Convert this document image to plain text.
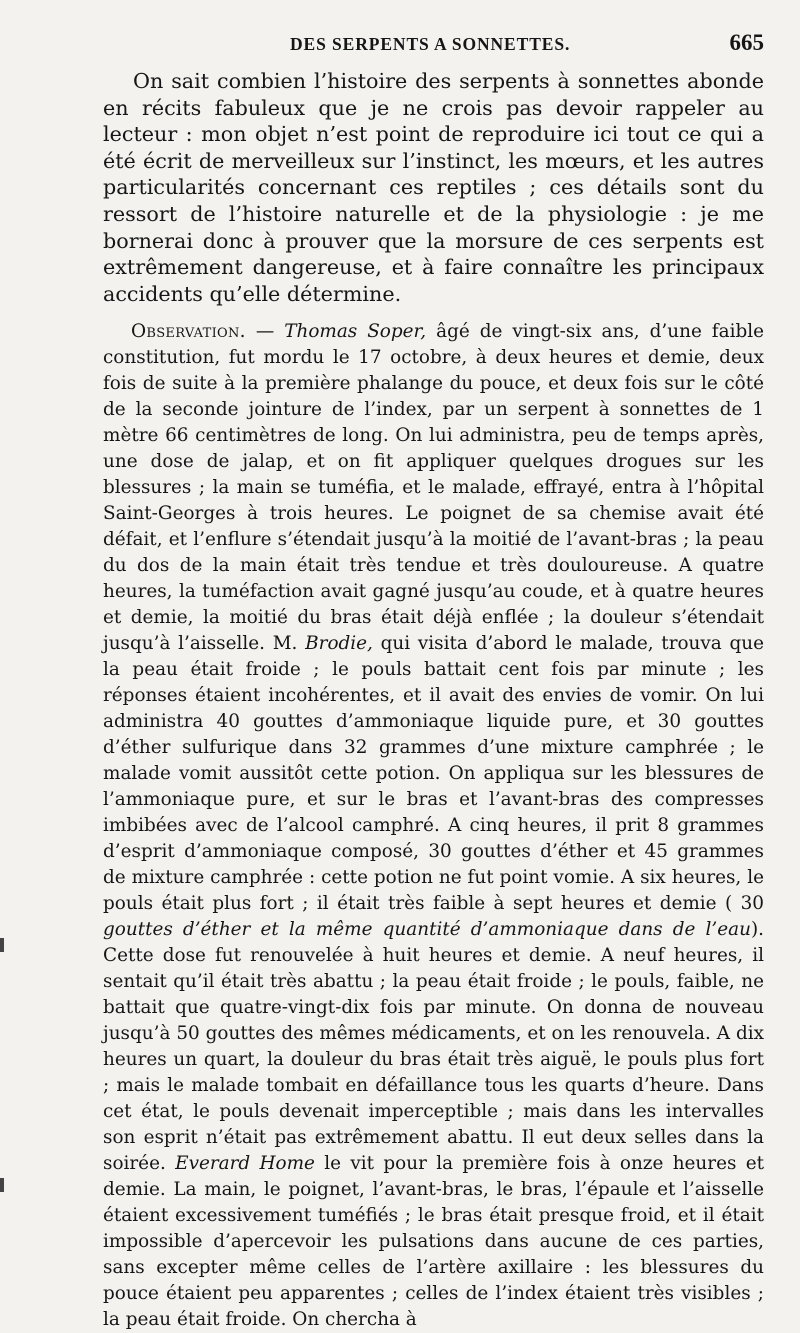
DES SERPENTS A SONNETTES.	665

On sait combien l’histoire des serpents à sonnettes abonde en récits fabuleux que je ne crois pas devoir rappeler au lecteur : mon objet n’est point de reproduire ici tout ce qui a été écrit de merveilleux sur l’instinct, les mœurs, et les autres particularités concernant ces reptiles ; ces détails sont du ressort de l’histoire naturelle et de la physiologie : je me bornerai donc à prouver que la morsure de ces serpents est extrêmement dangereuse, et à faire connaître les principaux accidents qu’elle détermine.

Observation. — Thomas Soper, âgé de vingt-six ans, d’une faible constitution, fut mordu le 17 octobre, à deux heures et demie, deux fois de suite à la première phalange du pouce, et deux fois sur le côté de la seconde jointure de l’index, par un serpent à sonnettes de 1 mètre 66 centimètres de long. On lui administra, peu de temps après, une dose de jalap, et on fit appliquer quelques drogues sur les blessures ; la main se tuméfia, et le malade, effrayé, entra à l’hôpital Saint-Georges à trois heures. Le poignet de sa chemise avait été défait, et l’enflure s’étendait jusqu’à la moitié de l’avant-bras ; la peau du dos de la main était très tendue et très douloureuse. A quatre heures, la tuméfaction avait gagné jusqu’au coude, et à quatre heures et demie, la moitié du bras était déjà enflée ; la douleur s’étendait jusqu’à l’aisselle. M. Brodie, qui visita d’abord le malade, trouva que la peau était froide ; le pouls battait cent fois par minute ; les réponses étaient incohérentes, et il avait des envies de vomir. On lui administra 40 gouttes d’ammoniaque liquide pure, et 30 gouttes d’éther sulfurique dans 32 grammes d’une mixture camphrée ; le malade vomit aussitôt cette potion. On appliqua sur les blessures de l’ammoniaque pure, et sur le bras et l’avant-bras des compresses imbibées avec de l’alcool camphré. A cinq heures, il prit 8 grammes d’esprit d’ammoniaque composé, 30 gouttes d’éther et 45 grammes de mixture camphrée : cette potion ne fut point vomie. A six heures, le pouls était plus fort ; il était très faible à sept heures et demie ( 30 gouttes d’éther et la même quantité d’ammoniaque dans de l’eau). Cette dose fut renouvelée à huit heures et demie. A neuf heures, il sentait qu’il était très abattu ; la peau était froide ; le pouls, faible, ne battait que quatre-vingt-dix fois par minute. On donna de nouveau jusqu’à 50 gouttes des mêmes médicaments, et on les renouvela. A dix heures un quart, la douleur du bras était très aiguë, le pouls plus fort ; mais le malade tombait en défaillance tous les quarts d’heure. Dans cet état, le pouls devenait imperceptible ; mais dans les intervalles son esprit n’était pas extrêmement abattu. Il eut deux selles dans la soirée. Everard Home le vit pour la première fois à onze heures et demie. La main, le poignet, l’avant-bras, le bras, l’épaule et l’aisselle étaient excessivement tuméfiés ; le bras était presque froid, et il était impossible d’apercevoir les pulsations dans aucune de ces parties, sans excepter même celles de l’artère axillaire : les blessures du pouce étaient peu apparentes ; celles de l’index étaient très visibles ; la peau était froide. On chercha à
